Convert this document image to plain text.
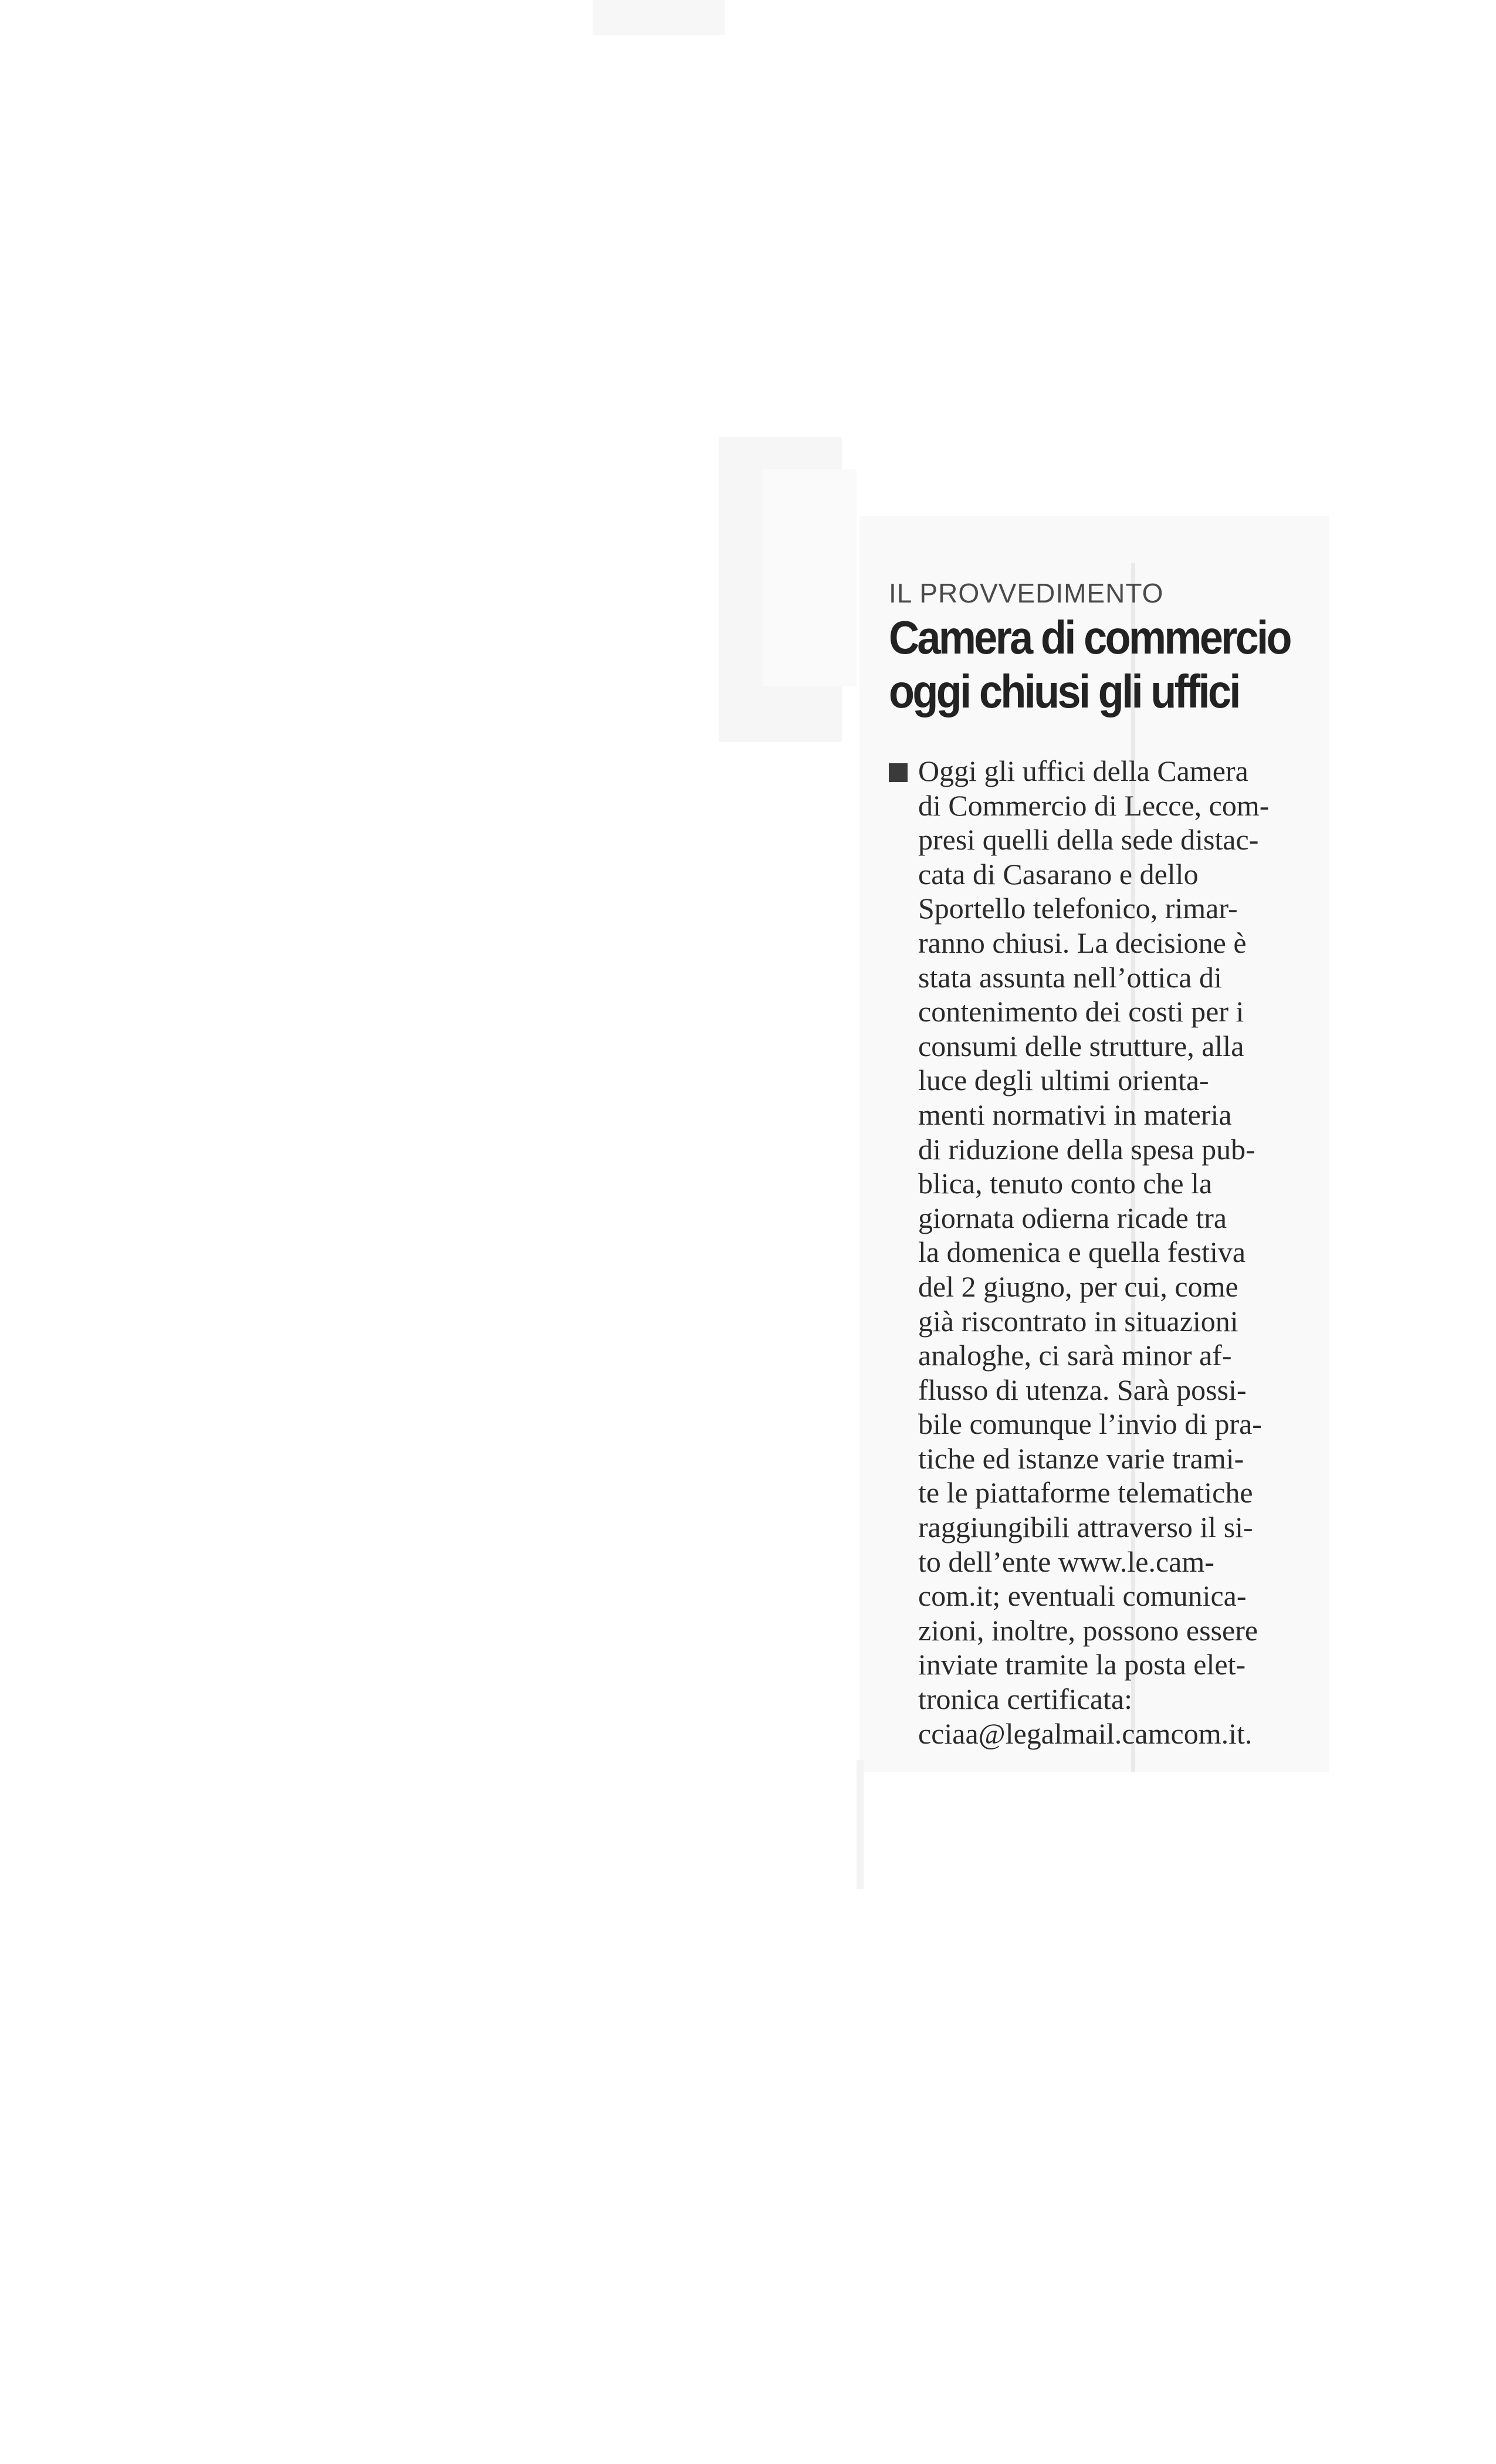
IL PROVVEDIMENTO
Camera di commercio
oggi chiusi gli uffici
Oggi gli uffici della Camera
di Commercio di Lecce, com-
presi quelli della sede distac-
cata di Casarano e dello
Sportello telefonico, rimar-
ranno chiusi. La decisione è
stata assunta nell’ottica di
contenimento dei costi per i
consumi delle strutture, alla
luce degli ultimi orienta-
menti normativi in materia
di riduzione della spesa pub-
blica, tenuto conto che la
giornata odierna ricade tra
la domenica e quella festiva
del 2 giugno, per cui, come
già riscontrato in situazioni
analoghe, ci sarà minor af-
flusso di utenza. Sarà possi-
bile comunque l’invio di pra-
tiche ed istanze varie trami-
te le piattaforme telematiche
raggiungibili attraverso il si-
to dell’ente www.le.cam-
com.it; eventuali comunica-
zioni, inoltre, possono essere
inviate tramite la posta elet-
tronica certificata:
cciaa@legalmail.camcom.it.
